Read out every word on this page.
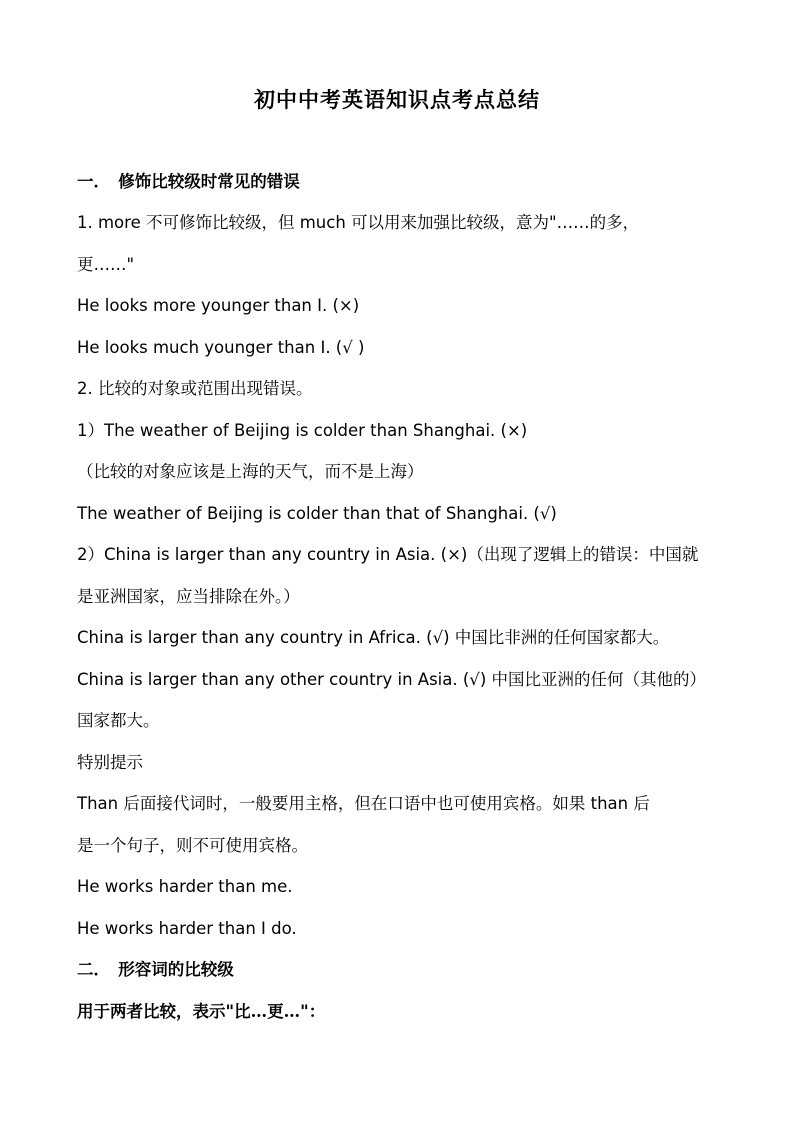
初中中考英语知识点考点总结
一．　修饰比较级时常见的错误
1. more 不可修饰比较级，但 much 可以用来加强比较级，意为"……的多，
更……"
He looks more younger than I. (×)
He looks much younger than I. (√ )
2. 比较的对象或范围出现错误。
1）The weather of Beijing is colder than Shanghai. (×)
（比较的对象应该是上海的天气，而不是上海）
The weather of Beijing is colder than that of Shanghai. (√)
2）China is larger than any country in Asia. (×)（出现了逻辑上的错误：中国就
是亚洲国家，应当排除在外。）
China is larger than any country in Africa. (√) 中国比非洲的任何国家都大。
China is larger than any other country in Asia. (√) 中国比亚洲的任何（其他的）
国家都大。
特别提示
Than 后面接代词时，一般要用主格，但在口语中也可使用宾格。如果 than 后
是一个句子，则不可使用宾格。
He works harder than me.
He works harder than I do.
二．　形容词的比较级
用于两者比较，表示"比…更…"：
